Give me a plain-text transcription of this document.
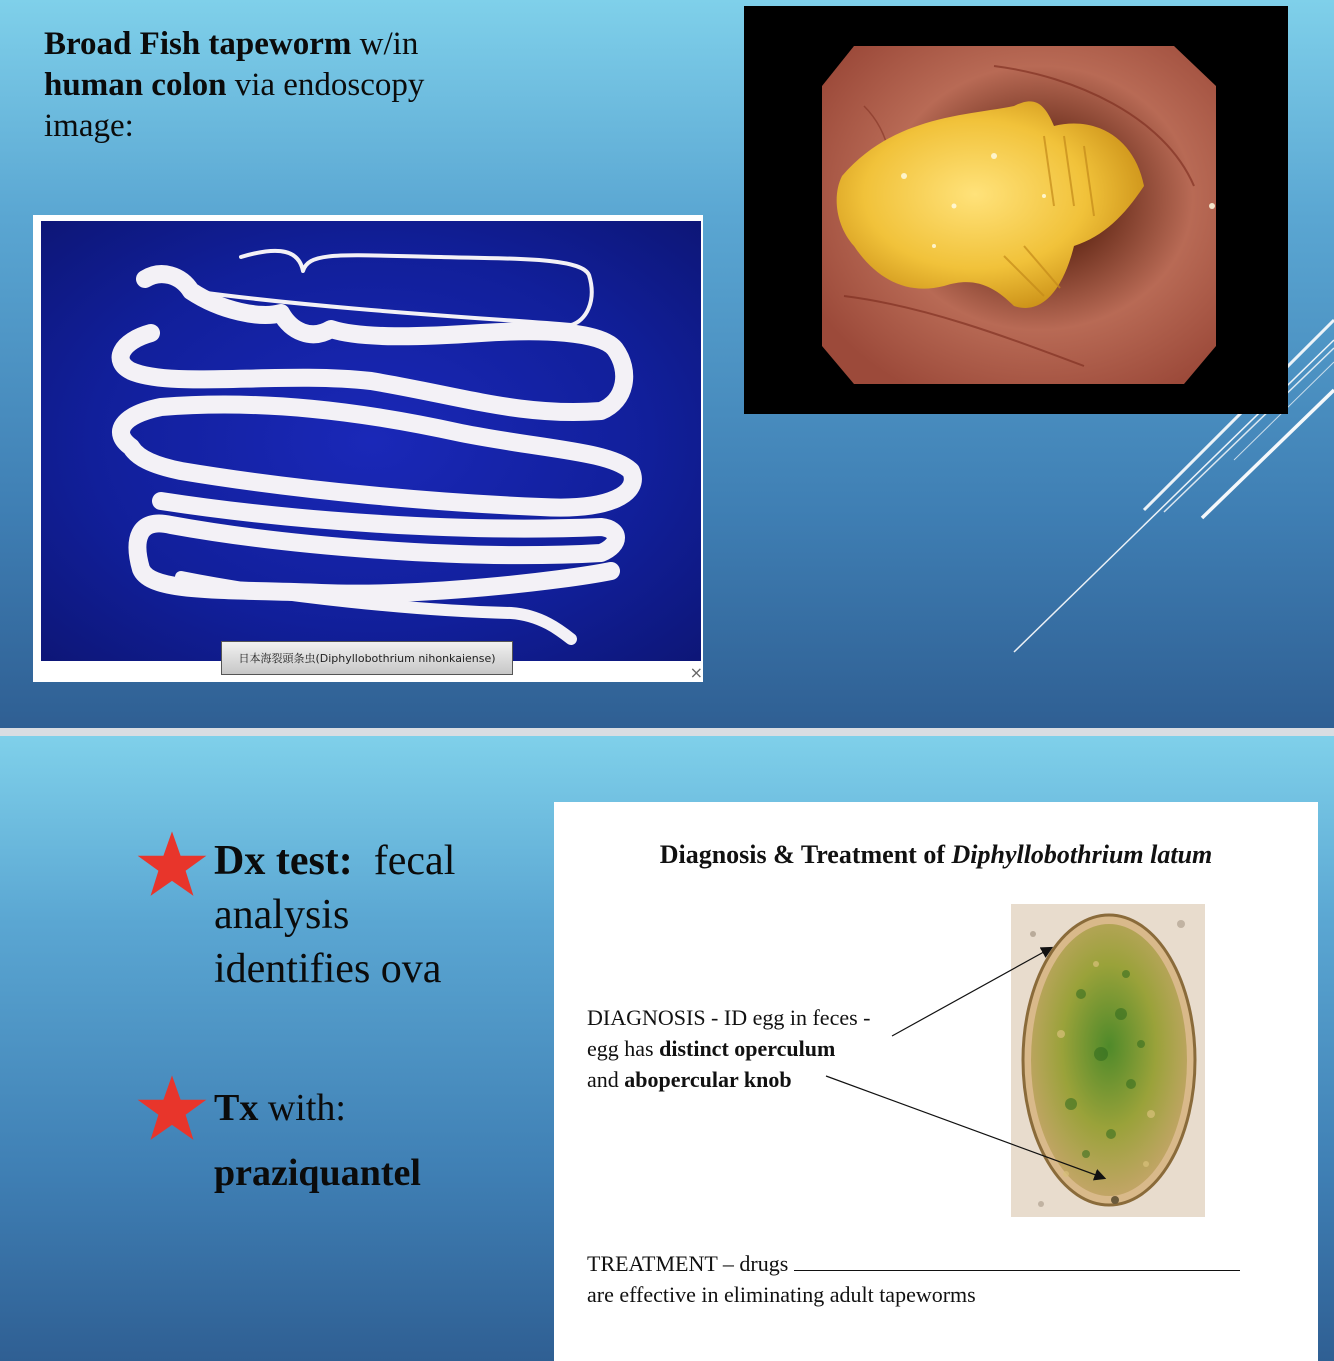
Broad Fish tapeworm w/in human colon via endoscopy image:
日本海裂頭条虫(Diphyllobothrium nihonkaiense)
×
Dx test: fecal analysis identifies ova
Tx with:
praziquantel
Diagnosis & Treatment of Diphyllobothrium latum
DIAGNOSIS - ID egg in feces -
egg has distinct operculum
and abopercular knob
TREATMENT – drugs
are effective in eliminating adult tapeworms
